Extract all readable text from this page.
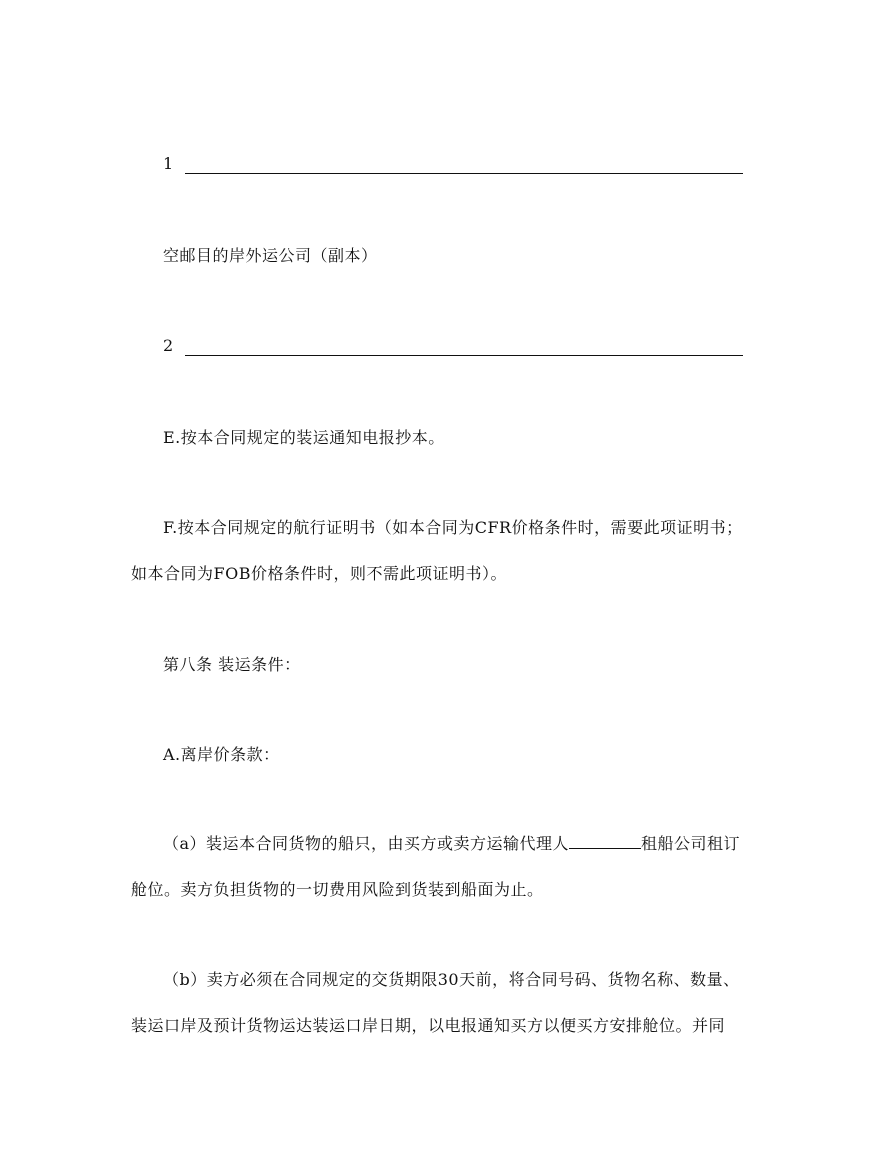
1
空邮目的岸外运公司（副本）
2
E.按本合同规定的装运通知电报抄本。
F.按本合同规定的航行证明书（如本合同为CFR价格条件时，需要此项证明书；
如本合同为FOB价格条件时，则不需此项证明书）。
第八条 装运条件：
A.离岸价条款：
（a）装运本合同货物的船只，由买方或卖方运输代理人	租船公司租订
舱位。卖方负担货物的一切费用风险到货装到船面为止。
（b）卖方必须在合同规定的交货期限30天前，将合同号码、货物名称、数量、
装运口岸及预计货物运达装运口岸日期，以电报通知买方以便买方安排舱位。并同
